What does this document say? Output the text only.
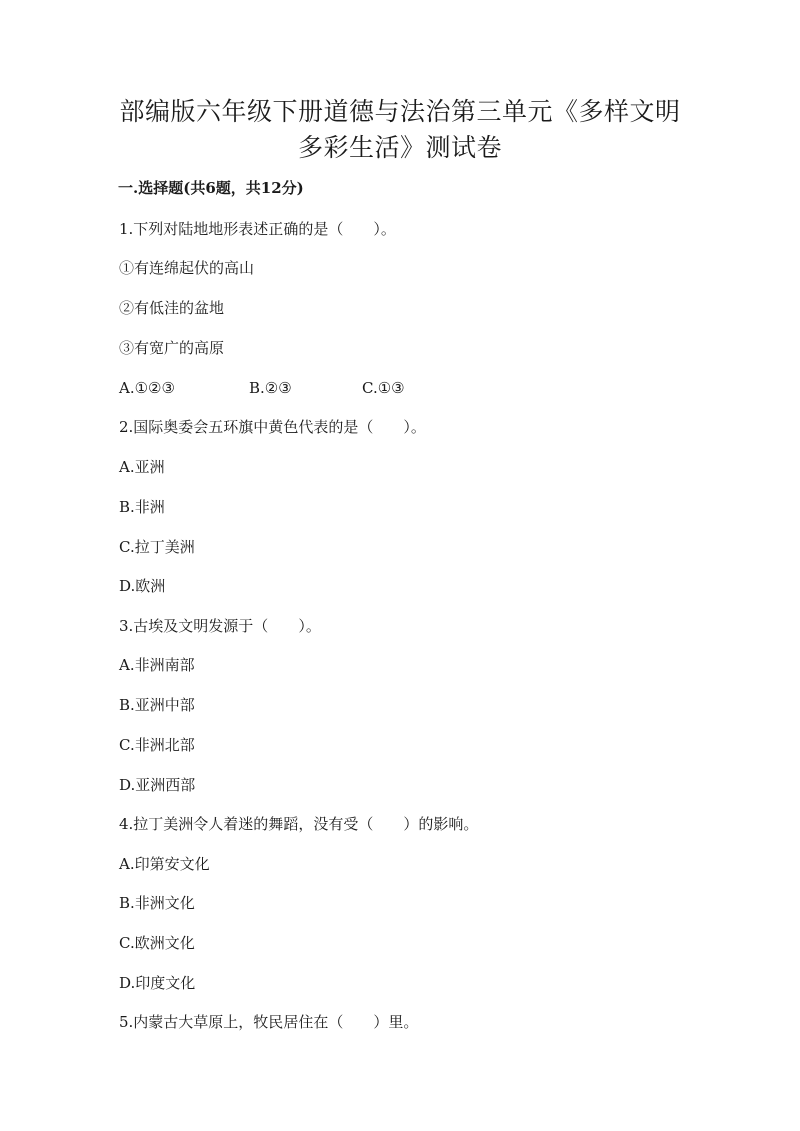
部编版六年级下册道德与法治第三单元《多样文明
多彩生活》测试卷
一.选择题(共6题，共12分)
1.下列对陆地地形表述正确的是（　　）。
①有连绵起伏的高山
②有低洼的盆地
③有宽广的高原
A.①②③	B.②③	C.①③
2.国际奥委会五环旗中黄色代表的是（　　）。
A.亚洲
B.非洲
C.拉丁美洲
D.欧洲
3.古埃及文明发源于（　　）。
A.非洲南部
B.亚洲中部
C.非洲北部
D.亚洲西部
4.拉丁美洲令人着迷的舞蹈，没有受（　　）的影响。
A.印第安文化
B.非洲文化
C.欧洲文化
D.印度文化
5.内蒙古大草原上，牧民居住在（　　）里。
